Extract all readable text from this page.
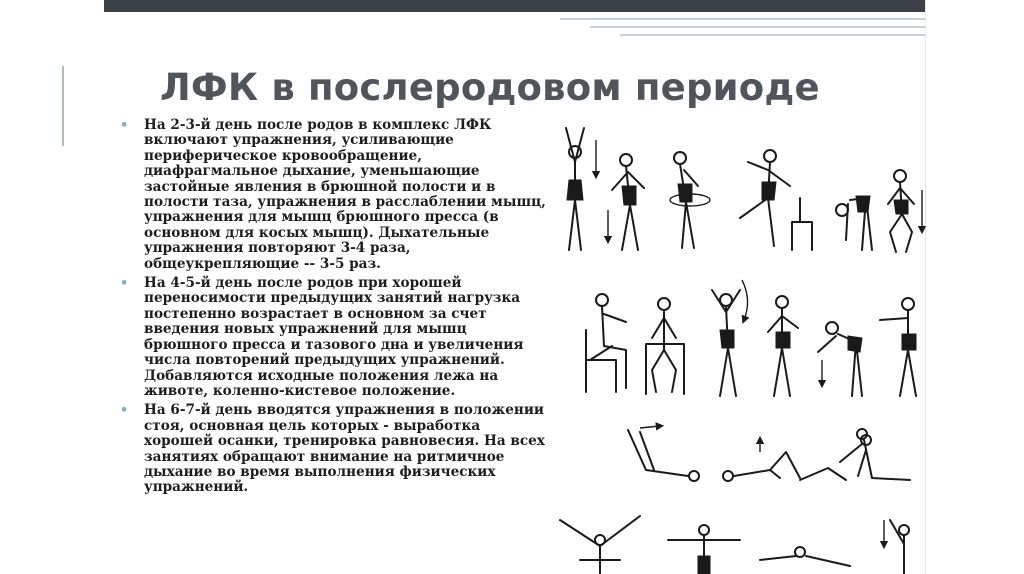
ЛФК в послеродовом периоде
• На 2-3-й день после родов в комплекс ЛФК
включают упражнения, усиливающие
периферическое кровообращение,
диафрагмальное дыхание, уменьшающие
застойные явления в брюшной полости и в
полости таза, упражнения в расслаблении мышц,
упражнения для мышц брюшного пресса (в
основном для косых мышц). Дыхательные
упражнения повторяют 3-4 раза,
общеукрепляющие -- 3-5 раз.
• На 4-5-й день после родов при хорошей
переносимости предыдущих занятий нагрузка
постепенно возрастает в основном за счет
введения новых упражнений для мышц
брюшного пресса и тазового дна и увеличения
числа повторений предыдущих упражнений.
Добавляются исходные положения лежа на
животе, коленно-кистевое положение.
• На 6-7-й день вводятся упражнения в положении
стоя, основная цель которых - выработка
хорошей осанки, тренировка равновесия. На всех
занятиях обращают внимание на ритмичное
дыхание во время выполнения физических
упражнений.
